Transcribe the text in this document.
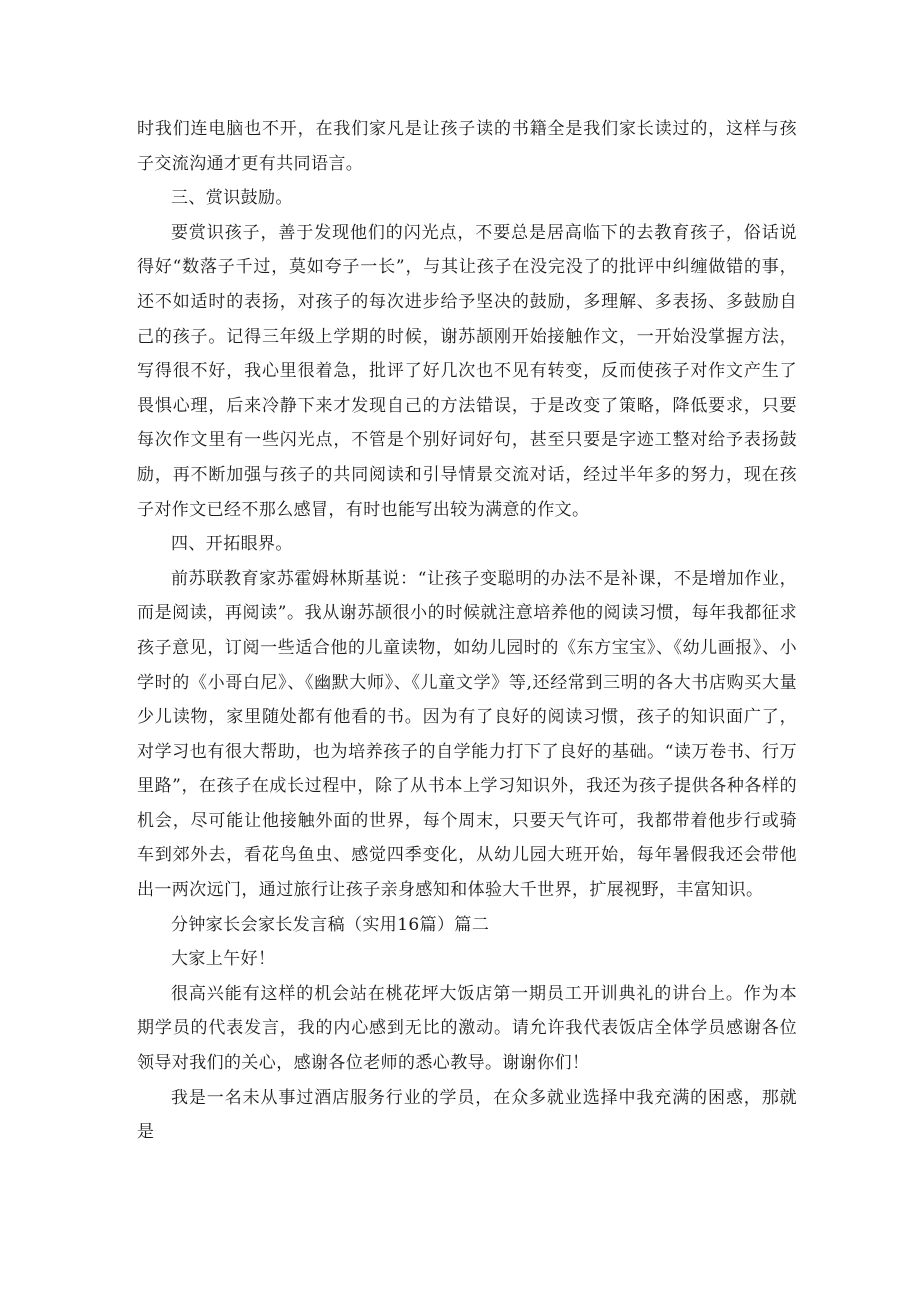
时我们连电脑也不开，在我们家凡是让孩子读的书籍全是我们家长读过的，这样与孩子交流沟通才更有共同语言。

三、赏识鼓励。

要赏识孩子，善于发现他们的闪光点，不要总是居高临下的去教育孩子，俗话说得好“数落子千过，莫如夸子一长”，与其让孩子在没完没了的批评中纠缠做错的事，还不如适时的表扬，对孩子的每次进步给予坚决的鼓励，多理解、多表扬、多鼓励自己的孩子。记得三年级上学期的时候，谢苏颉刚开始接触作文，一开始没掌握方法，写得很不好，我心里很着急，批评了好几次也不见有转变，反而使孩子对作文产生了畏惧心理，后来冷静下来才发现自己的方法错误，于是改变了策略，降低要求，只要每次作文里有一些闪光点，不管是个别好词好句，甚至只要是字迹工整对给予表扬鼓励，再不断加强与孩子的共同阅读和引导情景交流对话，经过半年多的努力，现在孩子对作文已经不那么感冒，有时也能写出较为满意的作文。

四、开拓眼界。

前苏联教育家苏霍姆林斯基说：“让孩子变聪明的办法不是补课，不是增加作业，而是阅读，再阅读”。我从谢苏颉很小的时候就注意培养他的阅读习惯，每年我都征求孩子意见，订阅一些适合他的儿童读物，如幼儿园时的《东方宝宝》、《幼儿画报》、小学时的《小哥白尼》、《幽默大师》、《儿童文学》等,还经常到三明的各大书店购买大量少儿读物，家里随处都有他看的书。因为有了良好的阅读习惯，孩子的知识面广了，对学习也有很大帮助，也为培养孩子的自学能力打下了良好的基础。“读万卷书、行万里路”，在孩子在成长过程中，除了从书本上学习知识外，我还为孩子提供各种各样的机会，尽可能让他接触外面的世界，每个周末，只要天气许可，我都带着他步行或骑车到郊外去，看花鸟鱼虫、感觉四季变化，从幼儿园大班开始，每年暑假我还会带他出一两次远门，通过旅行让孩子亲身感知和体验大千世界，扩展视野，丰富知识。

分钟家长会家长发言稿（实用16篇）篇二

大家上午好！

很高兴能有这样的机会站在桃花坪大饭店第一期员工开训典礼的讲台上。作为本期学员的代表发言，我的内心感到无比的激动。请允许我代表饭店全体学员感谢各位领导对我们的关心，感谢各位老师的悉心教导。谢谢你们！

我是一名未从事过酒店服务行业的学员，在众多就业选择中我充满的困惑，那就是
